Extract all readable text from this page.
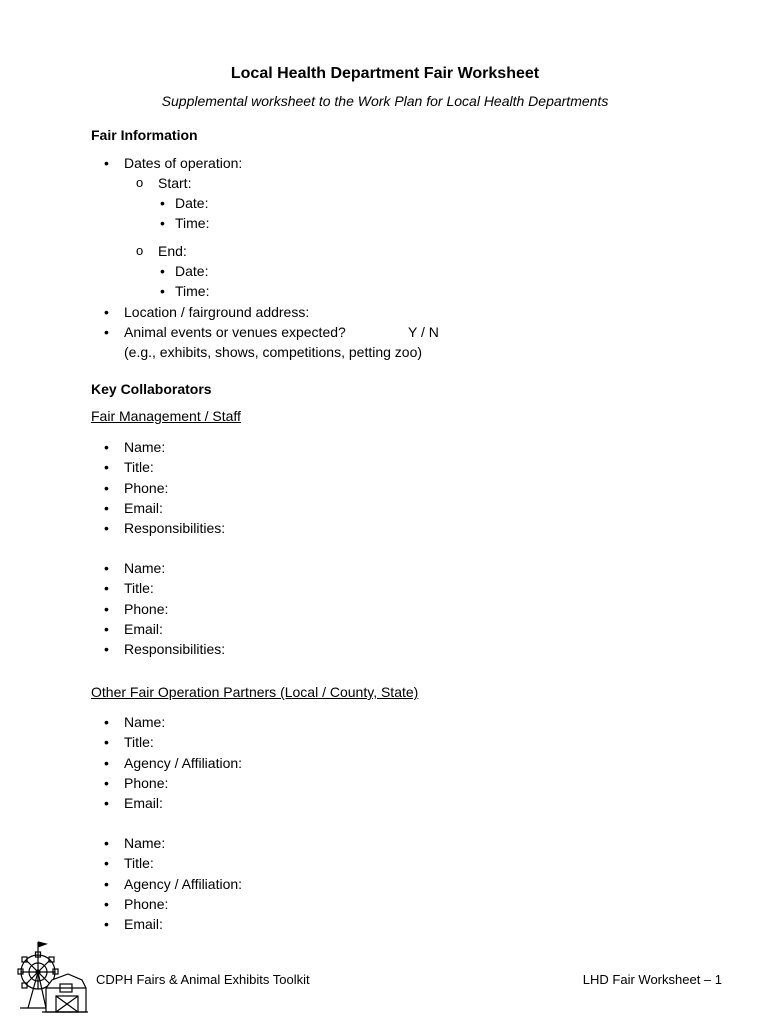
Local Health Department Fair Worksheet
Supplemental worksheet to the Work Plan for Local Health Departments
Fair Information
• Dates of operation:
o Start:
• Date:
• Time:
o End:
• Date:
• Time:
• Location / fairground address:
• Animal events or venues expected?	Y / N
(e.g., exhibits, shows, competitions, petting zoo)
Key Collaborators
Fair Management / Staff
• Name:
• Title:
• Phone:
• Email:
• Responsibilities:
• Name:
• Title:
• Phone:
• Email:
• Responsibilities:
Other Fair Operation Partners (Local / County, State)
• Name:
• Title:
• Agency / Affiliation:
• Phone:
• Email:
• Name:
• Title:
• Agency / Affiliation:
• Phone:
• Email:
CDPH Fairs & Animal Exhibits Toolkit	LHD Fair Worksheet – 1
